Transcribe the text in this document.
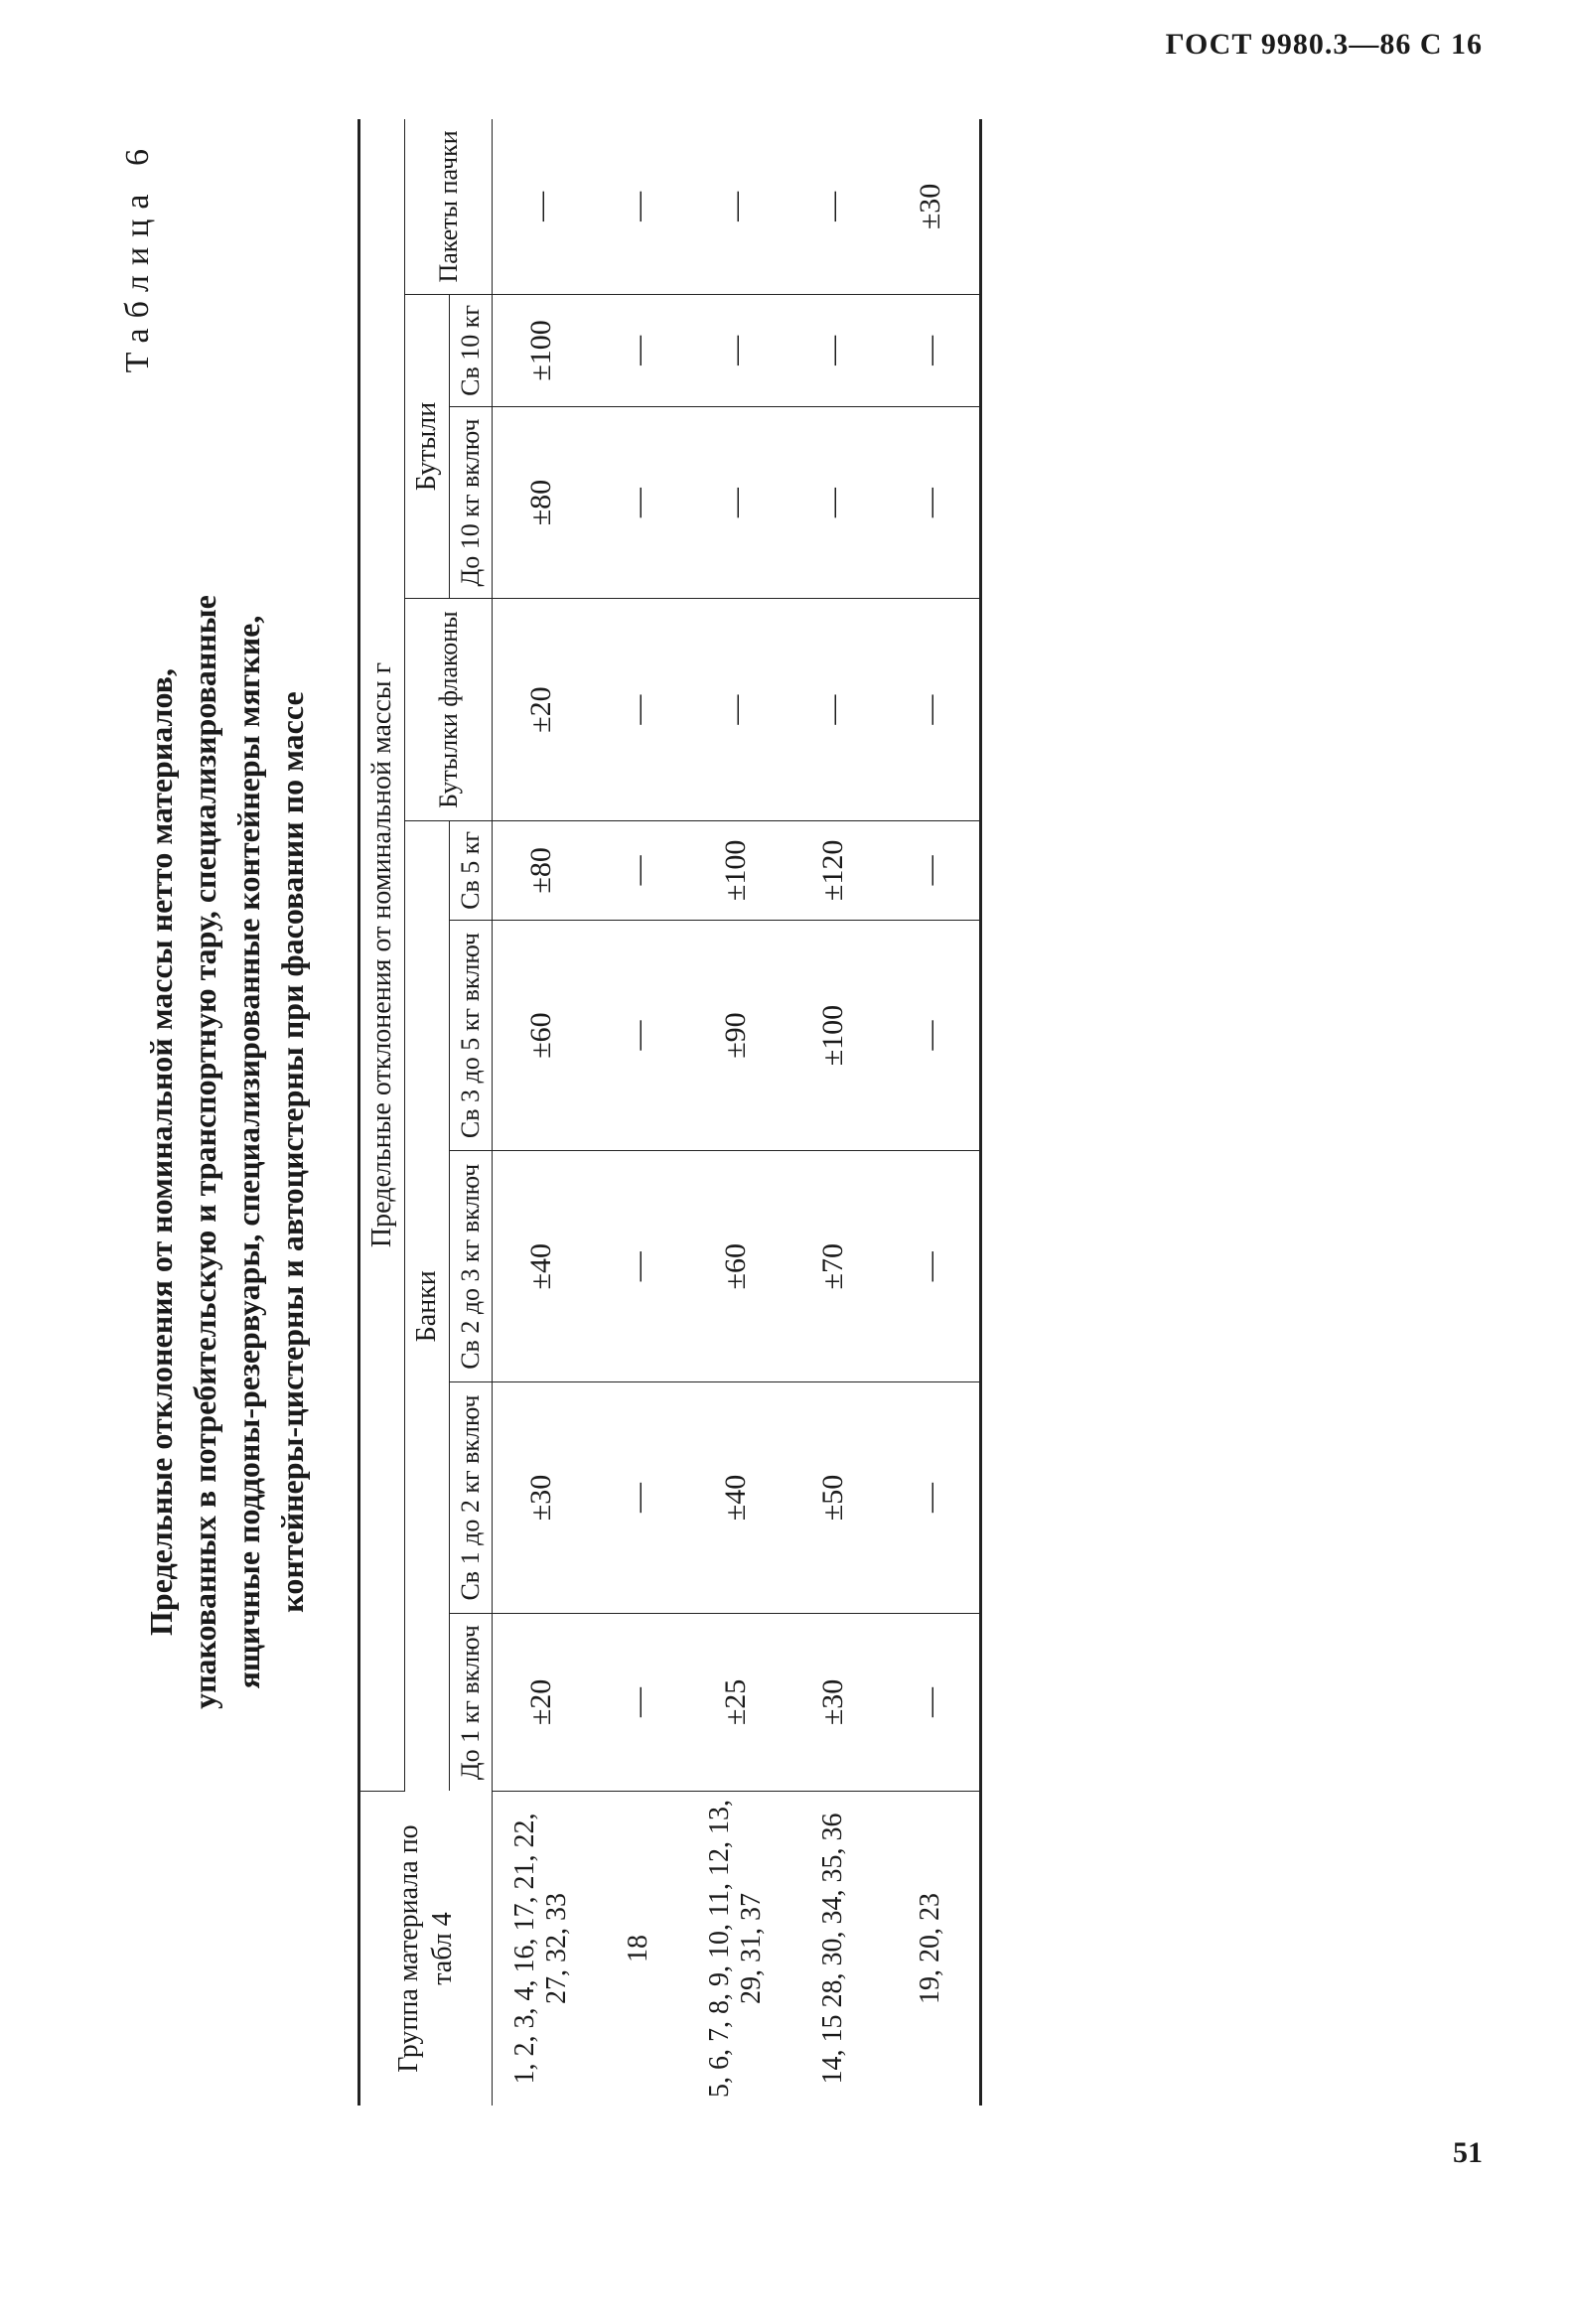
ГОСТ 9980.3—86 С 16
Таблица 6
Предельные отклонения от номинальной массы нетто материалов, упакованных в потребительскую и транспортную тару, специализированные ящичные поддоны-резервуары, специализированные контейнеры мягкие, контейнеры-цистерны и автоцистерны при фасовании по массе
Группа материала по табл 4	Предельные отклонения от номинальной массы г								
	Банки					Бутылки флаконы	Бутыли		Пакеты пачки
	До 1 кг включ	Св 1 до 2 кг включ	Св 2 до 3 кг включ	Св 3 до 5 кг включ	Св 5 кг		До 10 кг включ	Св 10 кг	
1, 2, 3, 4, 16, 17, 21, 22, 27, 32, 33	±20	±30	±40	±60	±80	±20	±80	±100	—
18	—	—	—	—	—	—	—	—	—
5, 6, 7, 8, 9, 10, 11, 12, 13, 29, 31, 37	±25	±40	±60	±90	±100	—	—	—	—
14, 15 28, 30, 34, 35, 36	±30	±50	±70	±100	±120	—	—	—	—
19, 20, 23	—	—	—	—	—	—	—	—	±30
51
